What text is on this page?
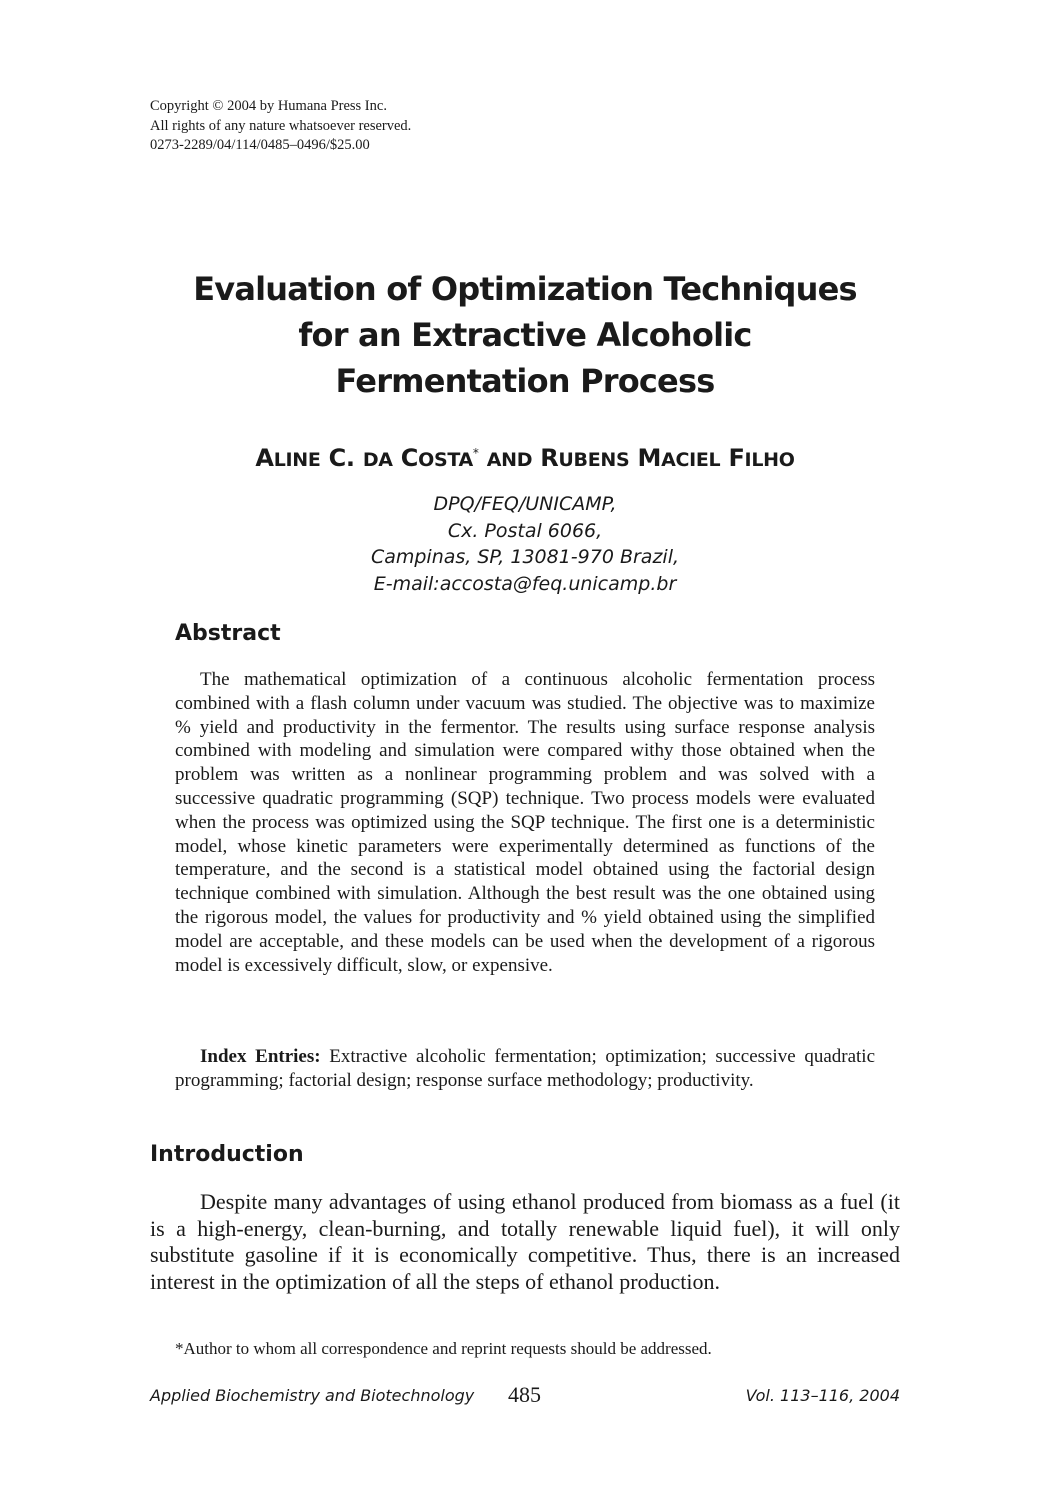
Copyright © 2004 by Humana Press Inc.
All rights of any nature whatsoever reserved.
0273-2289/04/114/0485–0496/$25.00
Evaluation of Optimization Techniques
for an Extractive Alcoholic
Fermentation Process
ALINE C. DA COSTA* AND RUBENS MACIEL FILHO
DPQ/FEQ/UNICAMP,
Cx. Postal 6066,
Campinas, SP, 13081-970 Brazil,
E-mail:accosta@feq.unicamp.br
Abstract

The mathematical optimization of a continuous alcoholic fermentation process combined with a flash column under vacuum was studied. The objective was to maximize % yield and productivity in the fermentor. The results using surface response analysis combined with modeling and simulation were compared withy those obtained when the problem was written as a nonlinear programming problem and was solved with a successive quadratic programming (SQP) technique. Two process models were evaluated when the process was optimized using the SQP technique. The first one is a deterministic model, whose kinetic parameters were experimentally determined as functions of the temperature, and the second is a statistical model obtained using the factorial design technique combined with simulation. Although the best result was the one obtained using the rigorous model, the values for productivity and % yield obtained using the simplified model are acceptable, and these models can be used when the development of a rigorous model is excessively difficult, slow, or expensive.

Index Entries: Extractive alcoholic fermentation; optimization; successive quadratic programming; factorial design; response surface methodology; productivity.

Introduction

Despite many advantages of using ethanol produced from biomass as a fuel (it is a high-energy, clean-burning, and totally renewable liquid fuel), it will only substitute gasoline if it is economically competitive. Thus, there is an increased interest in the optimization of all the steps of ethanol production.

*Author to whom all correspondence and reprint requests should be addressed.
Applied Biochemistry and Biotechnology 485	Vol. 113–116, 2004
